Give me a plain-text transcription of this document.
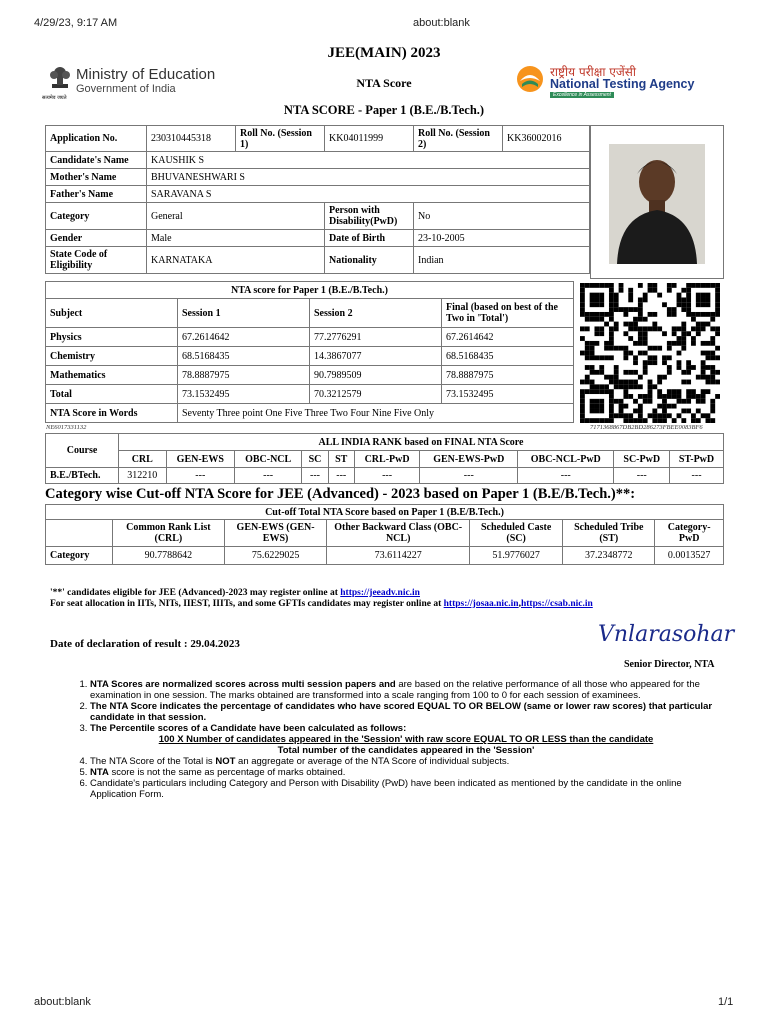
4/29/23, 9:17 AM	about:blank
सत्यमेव जयते
Ministry of Education
Government of India
JEE(MAIN) 2023
NTA Score
राष्ट्रीय परीक्षा एजेंसी
National Testing Agency
Excellence in Assessment
NTA SCORE - Paper 1 (B.E./B.Tech.)
Application No.	230310445318	Roll No. (Session 1)	KK04011999	Roll No. (Session 2)	KK36002016
Candidate's Name	KAUSHIK S				
Mother's Name	BHUVANESHWARI S				
Father's Name	SARAVANA S				
Category	General		Person with Disability(PwD)	No	
Gender	Male		Date of Birth	23-10-2005	
State Code of Eligibility	KARNATAKA		Nationality	Indian	
NTA score for Paper 1 (B.E./B.Tech.)			
Subject	Session 1	Session 2	Final (based on best of the Two in 'Total')
Physics	67.2614642	77.2776291	67.2614642
Chemistry	68.5168435	14.3867077	68.5168435
Mathematics	78.8887975	90.7989509	78.8887975
Total	73.1532495	70.3212579	73.1532495
NTA Score in Words	Seventy Three point One Five Three Two Four Nine Five Only		
NE6017331132	7171368867DB2BD286273FBEE0083BF6
Course	ALL INDIA RANK based on FINAL NTA Score									
	CRL	GEN-EWS	OBC-NCL	SC	ST	CRL-PwD	GEN-EWS-PwD	OBC-NCL-PwD	SC-PwD	ST-PwD
B.E./BTech.	312210	---	---	---	---	---	---	---	---	---
Category wise Cut-off NTA Score for JEE (Advanced) - 2023 based on Paper 1 (B.E/B.Tech.)**:
Cut-off Total NTA Score based on Paper 1 (B.E/B.Tech.)						
	Common Rank List (CRL)	GEN-EWS (GEN-EWS)	Other Backward Class (OBC-NCL)	Scheduled Caste (SC)	Scheduled Tribe (ST)	Category-PwD
Category	90.7788642	75.6229025	73.6114227	51.9776027	37.2348772	0.0013527
'**' candidates eligible for JEE (Advanced)-2023 may register online at https://jeeadv.nic.in
For seat allocation in IITs, NITs, IIEST, IIITs, and some GFTIs candidates may register online at https://josaa.nic.in,https://csab.nic.in
Date of declaration of result : 29.04.2023	Vnlarasohar
Senior Director, NTA
1. NTA Scores are normalized scores across multi session papers and are based on the relative performance of all those who appeared for the examination in one session. The marks obtained are transformed into a scale ranging from 100 to 0 for each session of examinees.
2. The NTA Score indicates the percentage of candidates who have scored EQUAL TO OR BELOW (same or lower raw scores) that particular candidate in that session.
3. The Percentile scores of a Candidate have been calculated as follows:
100 X Number of candidates appeared in the 'Session' with raw score EQUAL TO OR LESS than the candidate
Total number of the candidates appeared in the 'Session'
4. The NTA Score of the Total is NOT an aggregate or average of the NTA Score of individual subjects.
5. NTA score is not the same as percentage of marks obtained.
6. Candidate's particulars including Category and Person with Disability (PwD) have been indicated as mentioned by the candidate in the online Application Form.
about:blank	1/1
